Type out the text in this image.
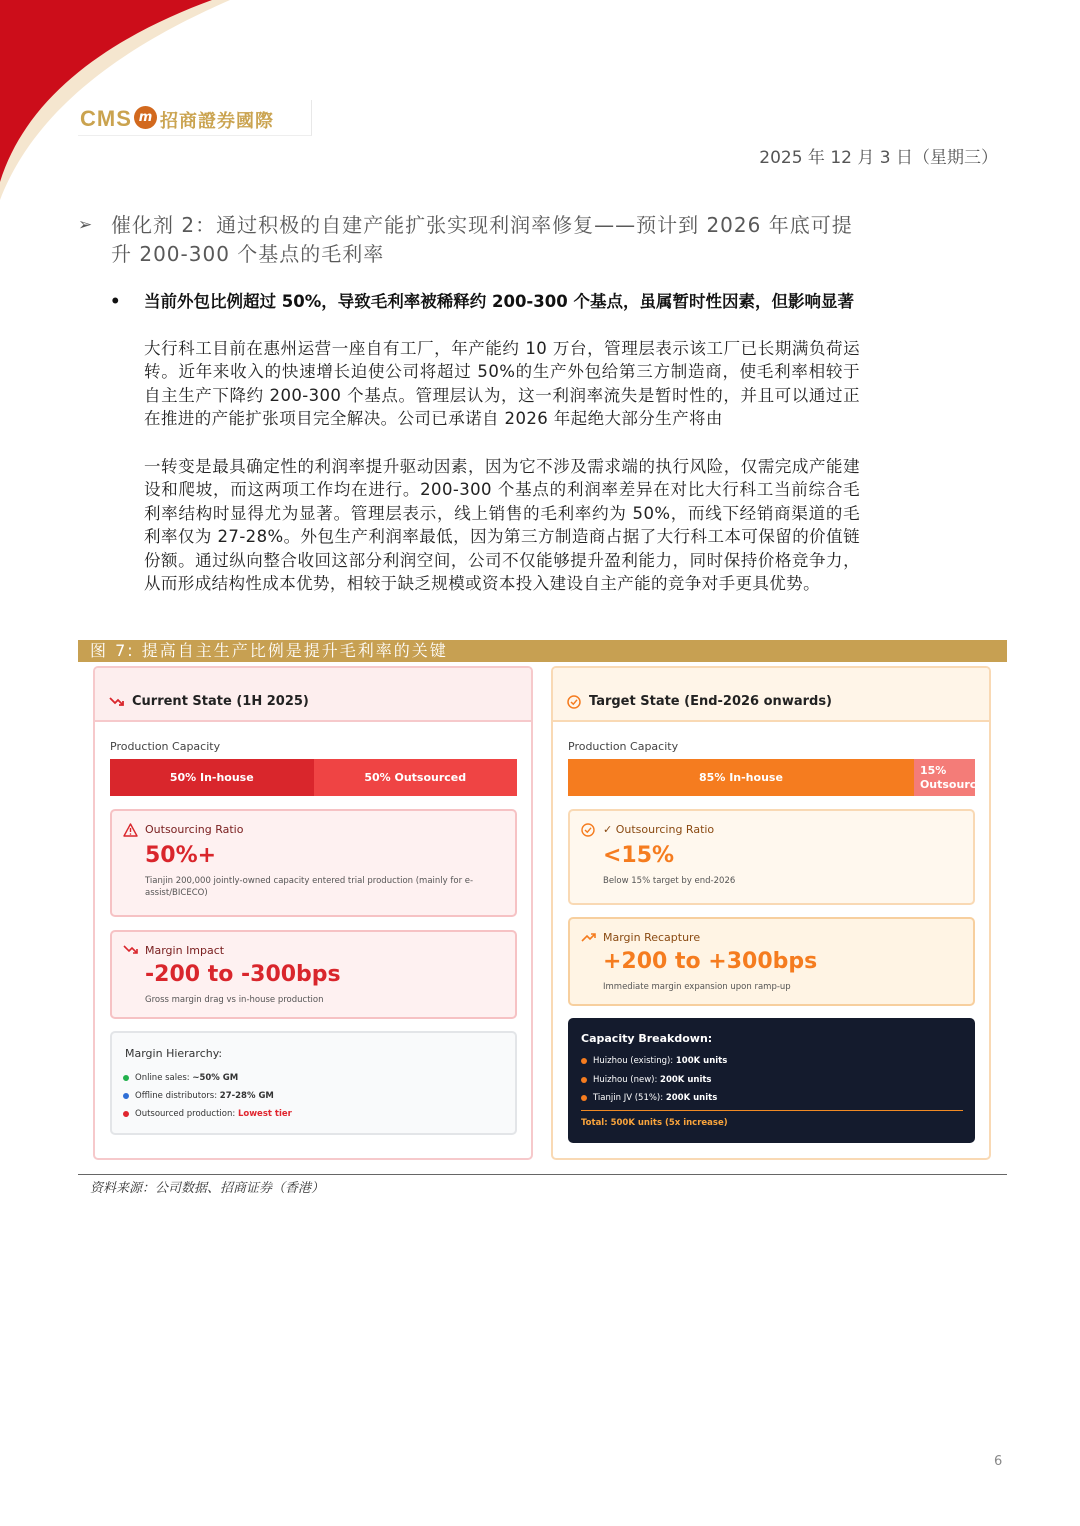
CMS m 招商證券國際
2025 年 12 月 3 日（星期三）
➢ 催化剂 2：通过积极的自建产能扩张实现利润率修复——预计到 2026 年底可提升 200-300 个基点的毛利率
•	当前外包比例超过 50%，导致毛利率被稀释约 200-300 个基点，虽属暂时性因素，但影响显著
大行科工目前在惠州运营一座自有工厂，年产能约 10 万台，管理层表示该工厂已长期满负荷运转。近年来收入的快速增长迫使公司将超过 50%的生产外包给第三方制造商，使毛利率相较于自主生产下降约 200-300 个基点。管理层认为，这一利润率流失是暂时性的，并且可以通过正在推进的产能扩张项目完全解决。公司已承诺自 2026 年起绝大部分生产将由
一转变是最具确定性的利润率提升驱动因素，因为它不涉及需求端的执行风险，仅需完成产能建设和爬坡，而这两项工作均在进行。200-300 个基点的利润率差异在对比大行科工当前综合毛利率结构时显得尤为显著。管理层表示，线上销售的毛利率约为 50%，而线下经销商渠道的毛利率仅为 27-28%。外包生产利润率最低，因为第三方制造商占据了大行科工本可保留的价值链份额。通过纵向整合收回这部分利润空间，公司不仅能够提升盈利能力，同时保持价格竞争力，从而形成结构性成本优势，相较于缺乏规模或资本投入建设自主产能的竞争对手更具优势。
图 7: 提高自主生产比例是提升毛利率的关键
Current State (1H 2025)
Production Capacity
50% In-house	50% Outsourced
Outsourcing Ratio
50%+
Tianjin 200,000 jointly-owned capacity entered trial production (mainly for e-assist/BICECO)
Margin Impact
-200 to -300bps
Gross margin drag vs in-house production
Margin Hierarchy:
Online sales: ~50% GM
Offline distributors: 27-28% GM
Outsourced production: Lowest tier
Target State (End-2026 onwards)
Production Capacity
85% In-house
15%
Outsource
✓ Outsourcing Ratio
<15%
Below 15% target by end-2026
Margin Recapture
+200 to +300bps
Immediate margin expansion upon ramp-up
Capacity Breakdown:
Huizhou (existing): 100K units
Huizhou (new): 200K units
Tianjin JV (51%): 200K units
Total: 500K units (5x increase)
资料来源：公司数据、招商证券（香港）
6
